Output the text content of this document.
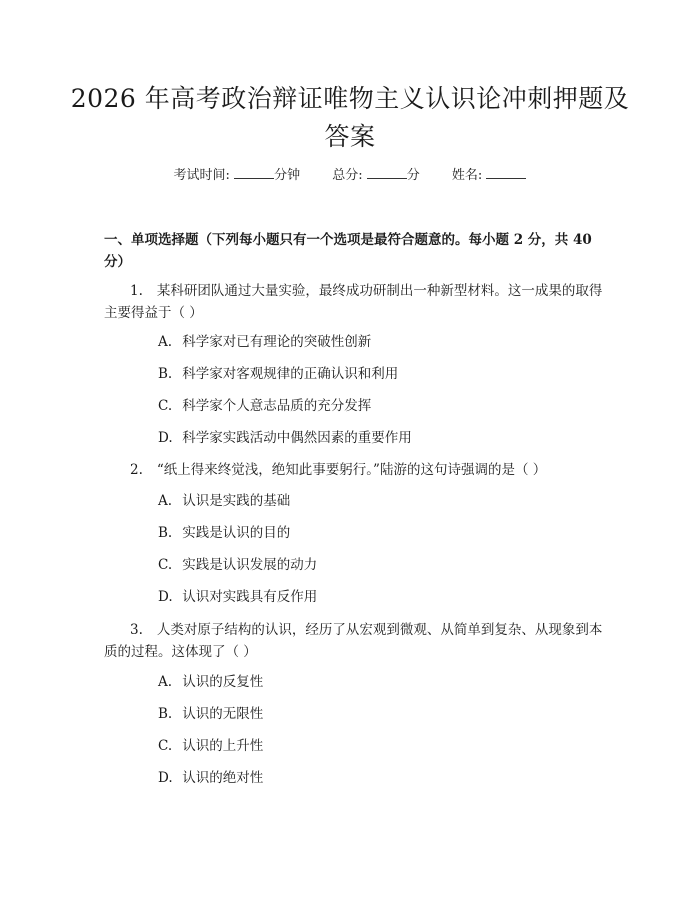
2026 年高考政治辩证唯物主义认识论冲刺押题及答案
考试时间:	分钟 总分:	分 姓名:
一、单项选择题（下列每小题只有一个选项是最符合题意的。每小题 2 分，共 40 分）
1. 某科研团队通过大量实验，最终成功研制出一种新型材料。这一成果的取得主要得益于（ ）
A. 科学家对已有理论的突破性创新
B. 科学家对客观规律的正确认识和利用
C. 科学家个人意志品质的充分发挥
D. 科学家实践活动中偶然因素的重要作用
2. “纸上得来终觉浅，绝知此事要躬行。”陆游的这句诗强调的是（ ）
A. 认识是实践的基础
B. 实践是认识的目的
C. 实践是认识发展的动力
D. 认识对实践具有反作用
3. 人类对原子结构的认识，经历了从宏观到微观、从简单到复杂、从现象到本质的过程。这体现了（ ）
A. 认识的反复性
B. 认识的无限性
C. 认识的上升性
D. 认识的绝对性
